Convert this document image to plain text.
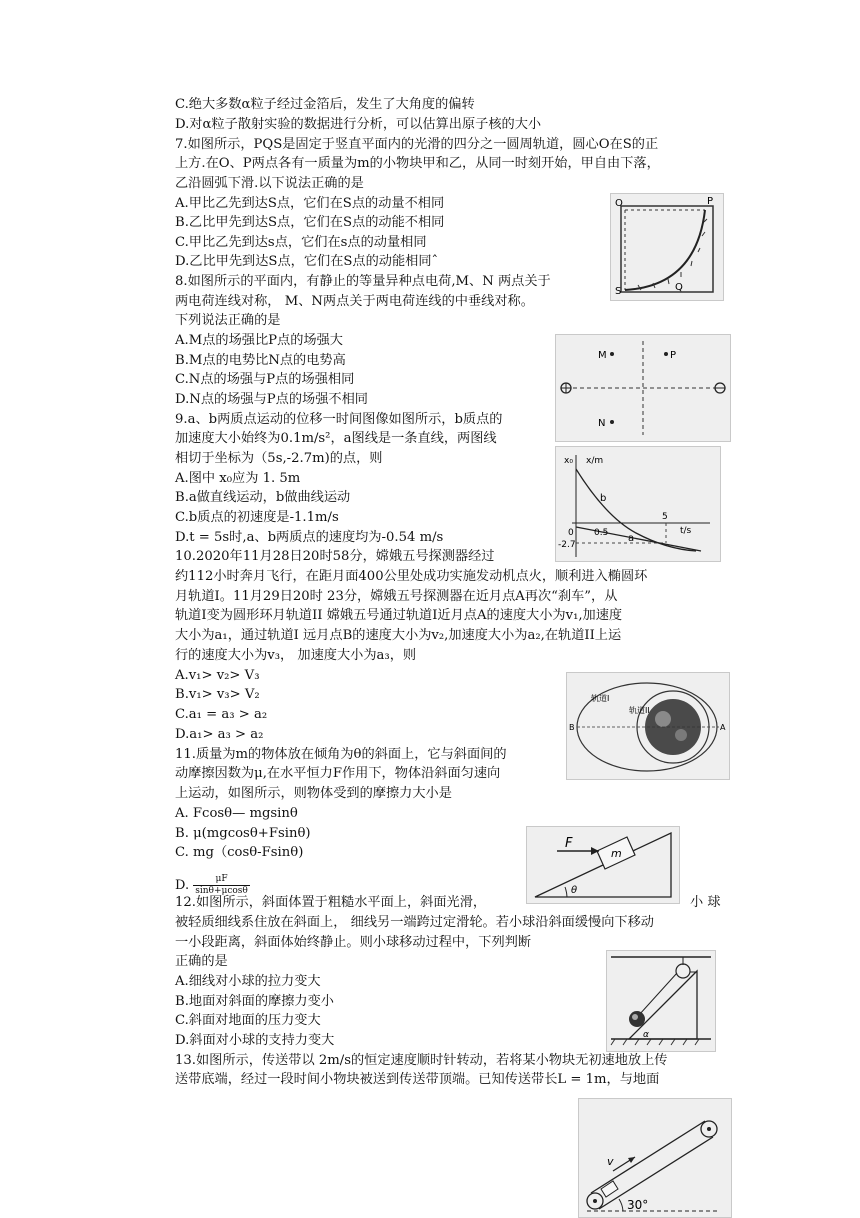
C.绝大多数α粒子经过金箔后，发生了大角度的偏转
D.对α粒子散射实验的数据进行分析，可以估算出原子核的大小
7.如图所示，PQS是固定于竖直平面内的光滑的四分之一圆周轨道，圆心O在S的正
上方.在O、P两点各有一质量为m的小物块甲和乙，从同一时刻开始，甲自由下落，
乙沿圆弧下滑.以下说法正确的是
A.甲比乙先到达S点，它们在S点的动量不相同
B.乙比甲先到达S点，它们在S点的动能不相同
C.甲比乙先到达s点，它们在s点的动量相同
D.乙比甲先到达S点，它们在S点的动能相同ˆ
8.如图所示的平面内，有静止的等量异种点电荷,M、N 两点关于
两电荷连线对称， M、N两点关于两电荷连线的中垂线对称。
下列说法正确的是
A.M点的场强比P点的场强大
B.M点的电势比N点的电势高
C.N点的场强与P点的场强相同
D.N点的场强与P点的场强不相同
9.a、b两质点运动的位移一时间图像如图所示，b质点的
加速度大小始终为0.1m/s²，a图线是一条直线，两图线
相切于坐标为（5s,-2.7m)的点，则
A.图中 x₀应为 1. 5m
B.a做直线运动，b做曲线运动
C.b质点的初速度是-1.1m/s
D.t = 5s时,a、b两质点的速度均为-0.54 m/s
10.2020年11月28日20时58分，嫦娥五号探测器经过
约112小时奔月飞行，在距月面400公里处成功实施发动机点火，顺利进入椭圆环
月轨道I。11月29日20时 23分，嫦娥五号探测器在近月点A再次“刹车”，从
轨道I变为圆形环月轨道II 嫦娥五号通过轨道I近月点A的速度大小为v₁,加速度
大小为a₁，通过轨道I 远月点B的速度大小为v₂,加速度大小为a₂,在轨道II上运
行的速度大小为v₃， 加速度大小为a₃，则
A.v₁> v₂> V₃
B.v₁> v₃> V₂
C.a₁ = a₃ > a₂
D.a₁> a₃ > a₂
11.质量为m的物体放在倾角为θ的斜面上，它与斜面间的
动摩擦因数为μ,在水平恒力F作用下，物体沿斜面匀速向
上运动，如图所示，则物体受到的摩擦力大小是
A. Fcosθ— mgsinθ
B. μ(mgcosθ+Fsinθ)
C. mg（cosθ-Fsinθ)
12.如图所示，斜面体置于粗糙水平面上，斜面光滑，	小 球
被轻质细线系住放在斜面上， 细线另一端跨过定滑轮。若小球沿斜面缓慢向下移动
一小段距离，斜面体始终静止。则小球移动过程中，下列判断
正确的是
A.细线对小球的拉力变大
B.地面对斜面的摩擦力变小
C.斜面对地面的压力变大
D.斜面对小球的支持力变大
13.如图所示，传送带以 2m/s的恒定速度顺时针转动，若将某小物块无初速地放上传
送带底端，经过一段时间小物块被送到传送带顶端。已知传送带长L = 1m，与地面
D. $\frac{\mu F}{\sin\theta+\mu\cos\theta}$
O	P
S	Q
M	P
N
x₀ x/m
b
a
5
t/s
0 0.5
-2.7
轨道I
轨道II
B	A
F
m
θ
α
v
30°
